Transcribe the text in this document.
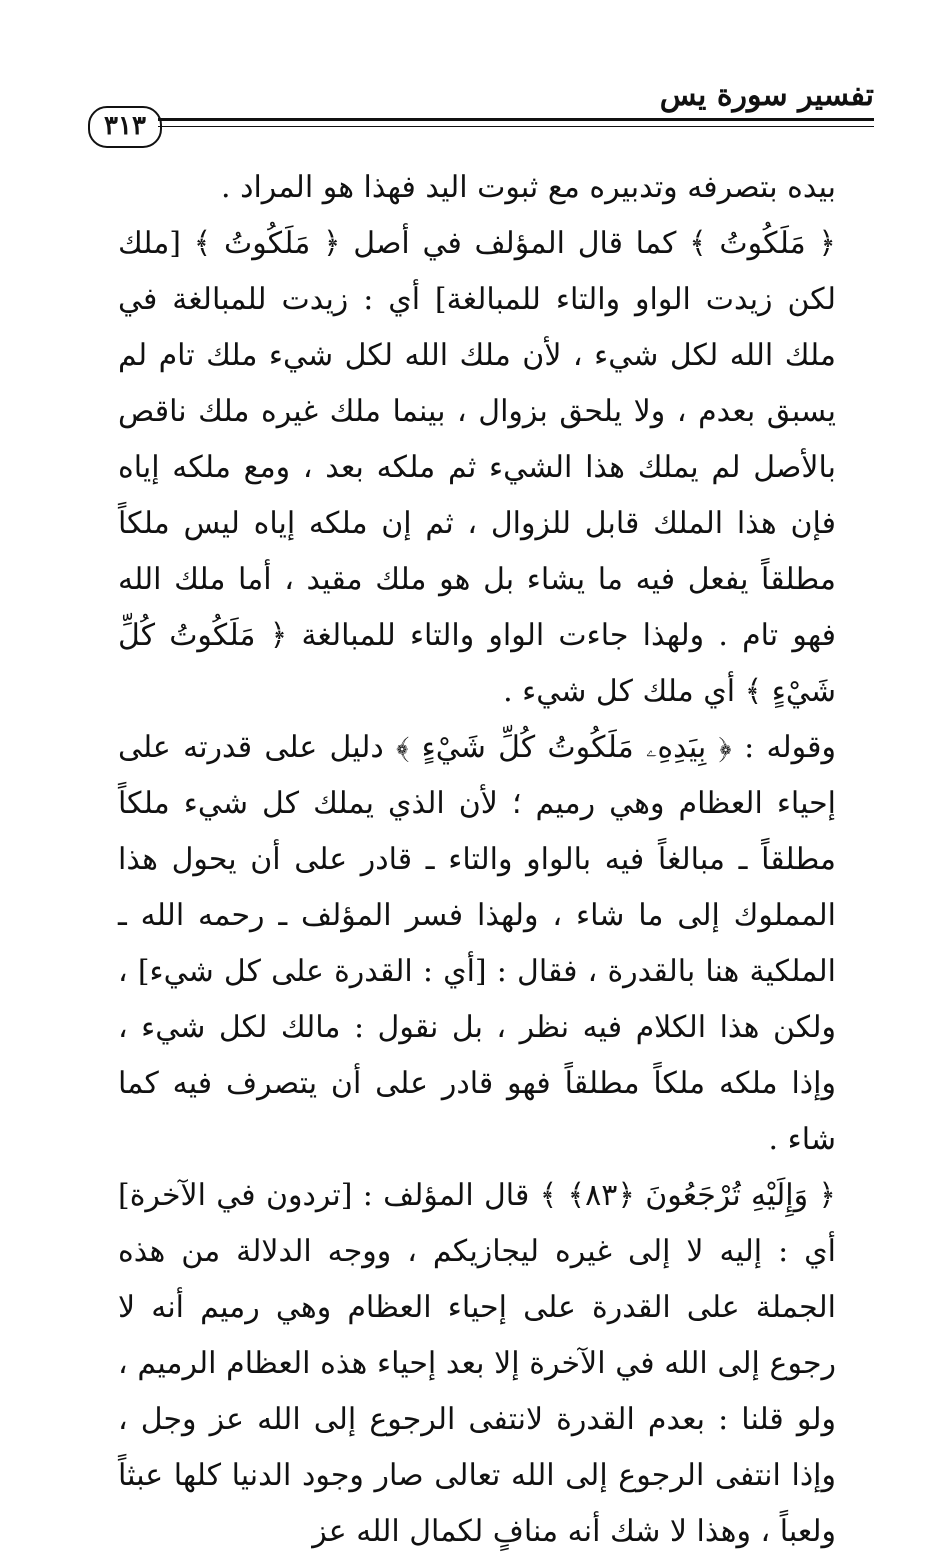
٣١٣
تفسير سورة يس

بيده بتصرفه وتدبيره مع ثبوت اليد فهذا هو المراد .

﴿ مَلَكُوتُ ﴾ كما قال المؤلف في أصل ﴿ مَلَكُوتُ ﴾ [ملك لكن زيدت الواو والتاء للمبالغة] أي : زيدت للمبالغة في ملك الله لكل شيء ، لأن ملك الله لكل شيء ملك تام لم يسبق بعدم ، ولا يلحق بزوال ، بينما ملك غيره ملك ناقص بالأصل لم يملك هذا الشيء ثم ملكه بعد ، ومع ملكه إياه فإن هذا الملك قابل للزوال ، ثم إن ملكه إياه ليس ملكاً مطلقاً يفعل فيه ما يشاء بل هو ملك مقيد ، أما ملك الله فهو تام . ولهذا جاءت الواو والتاء للمبالغة ﴿ مَلَكُوتُ كُلِّ شَيْءٍ ﴾ أي ملك كل شيء .

وقوله : ﴿ بِيَدِهِۦ مَلَكُوتُ كُلِّ شَيْءٍ ﴾ دليل على قدرته على إحياء العظام وهي رميم ؛ لأن الذي يملك كل شيء ملكاً مطلقاً ـ مبالغاً فيه بالواو والتاء ـ قادر على أن يحول هذا المملوك إلى ما شاء ، ولهذا فسر المؤلف ـ رحمه الله ـ الملكية هنا بالقدرة ، فقال : [أي : القدرة على كل شيء] ، ولكن هذا الكلام فيه نظر ، بل نقول : مالك لكل شيء ، وإذا ملكه ملكاً مطلقاً فهو قادر على أن يتصرف فيه كما شاء .

﴿ وَإِلَيْهِ تُرْجَعُونَ ﴿٨٣﴾ ﴾ قال المؤلف : [تردون في الآخرة] أي : إليه لا إلى غيره ليجازيكم ، ووجه الدلالة من هذه الجملة على القدرة على إحياء العظام وهي رميم أنه لا رجوع إلى الله في الآخرة إلا بعد إحياء هذه العظام الرميم ، ولو قلنا : بعدم القدرة لانتفى الرجوع إلى الله عز وجل ، وإذا انتفى الرجوع إلى الله تعالى صار وجود الدنيا كلها عبثاً ولعباً ، وهذا لا شك أنه منافٍ لكمال الله عز
